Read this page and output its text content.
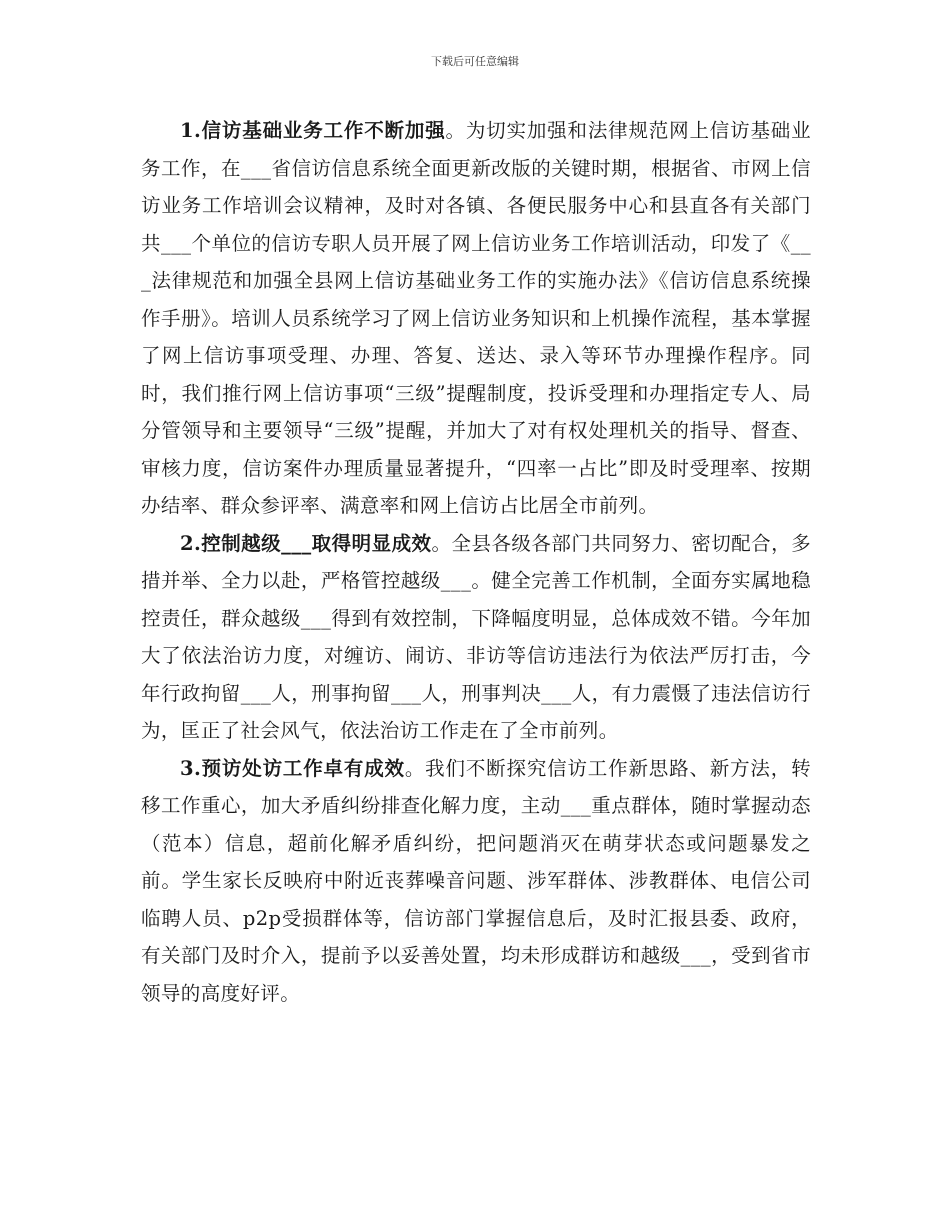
下载后可任意编辑

1.信访基础业务工作不断加强。为切实加强和法律规范网上信访基础业务工作，在___省信访信息系统全面更新改版的关键时期，根据省、市网上信访业务工作培训会议精神，及时对各镇、各便民服务中心和县直各有关部门共___个单位的信访专职人员开展了网上信访业务工作培训活动，印发了《___法律规范和加强全县网上信访基础业务工作的实施办法》《信访信息系统操作手册》。培训人员系统学习了网上信访业务知识和上机操作流程，基本掌握了网上信访事项受理、办理、答复、送达、录入等环节办理操作程序。同时，我们推行网上信访事项“三级”提醒制度，投诉受理和办理指定专人、局分管领导和主要领导“三级”提醒，并加大了对有权处理机关的指导、督查、审核力度，信访案件办理质量显著提升，“四率一占比”即及时受理率、按期办结率、群众参评率、满意率和网上信访占比居全市前列。

2.控制越级___取得明显成效。全县各级各部门共同努力、密切配合，多措并举、全力以赴，严格管控越级___。健全完善工作机制，全面夯实属地稳控责任，群众越级___得到有效控制，下降幅度明显，总体成效不错。今年加大了依法治访力度，对缠访、闹访、非访等信访违法行为依法严厉打击，今年行政拘留___人，刑事拘留___人，刑事判决___人，有力震慑了违法信访行为，匡正了社会风气，依法治访工作走在了全市前列。

3.预访处访工作卓有成效。我们不断探究信访工作新思路、新方法，转移工作重心，加大矛盾纠纷排查化解力度，主动___重点群体，随时掌握动态（范本）信息，超前化解矛盾纠纷，把问题消灭在萌芽状态或问题暴发之前。学生家长反映府中附近丧葬噪音问题、涉军群体、涉教群体、电信公司临聘人员、p2p受损群体等，信访部门掌握信息后，及时汇报县委、政府，有关部门及时介入，提前予以妥善处置，均未形成群访和越级___，受到省市领导的高度好评。
